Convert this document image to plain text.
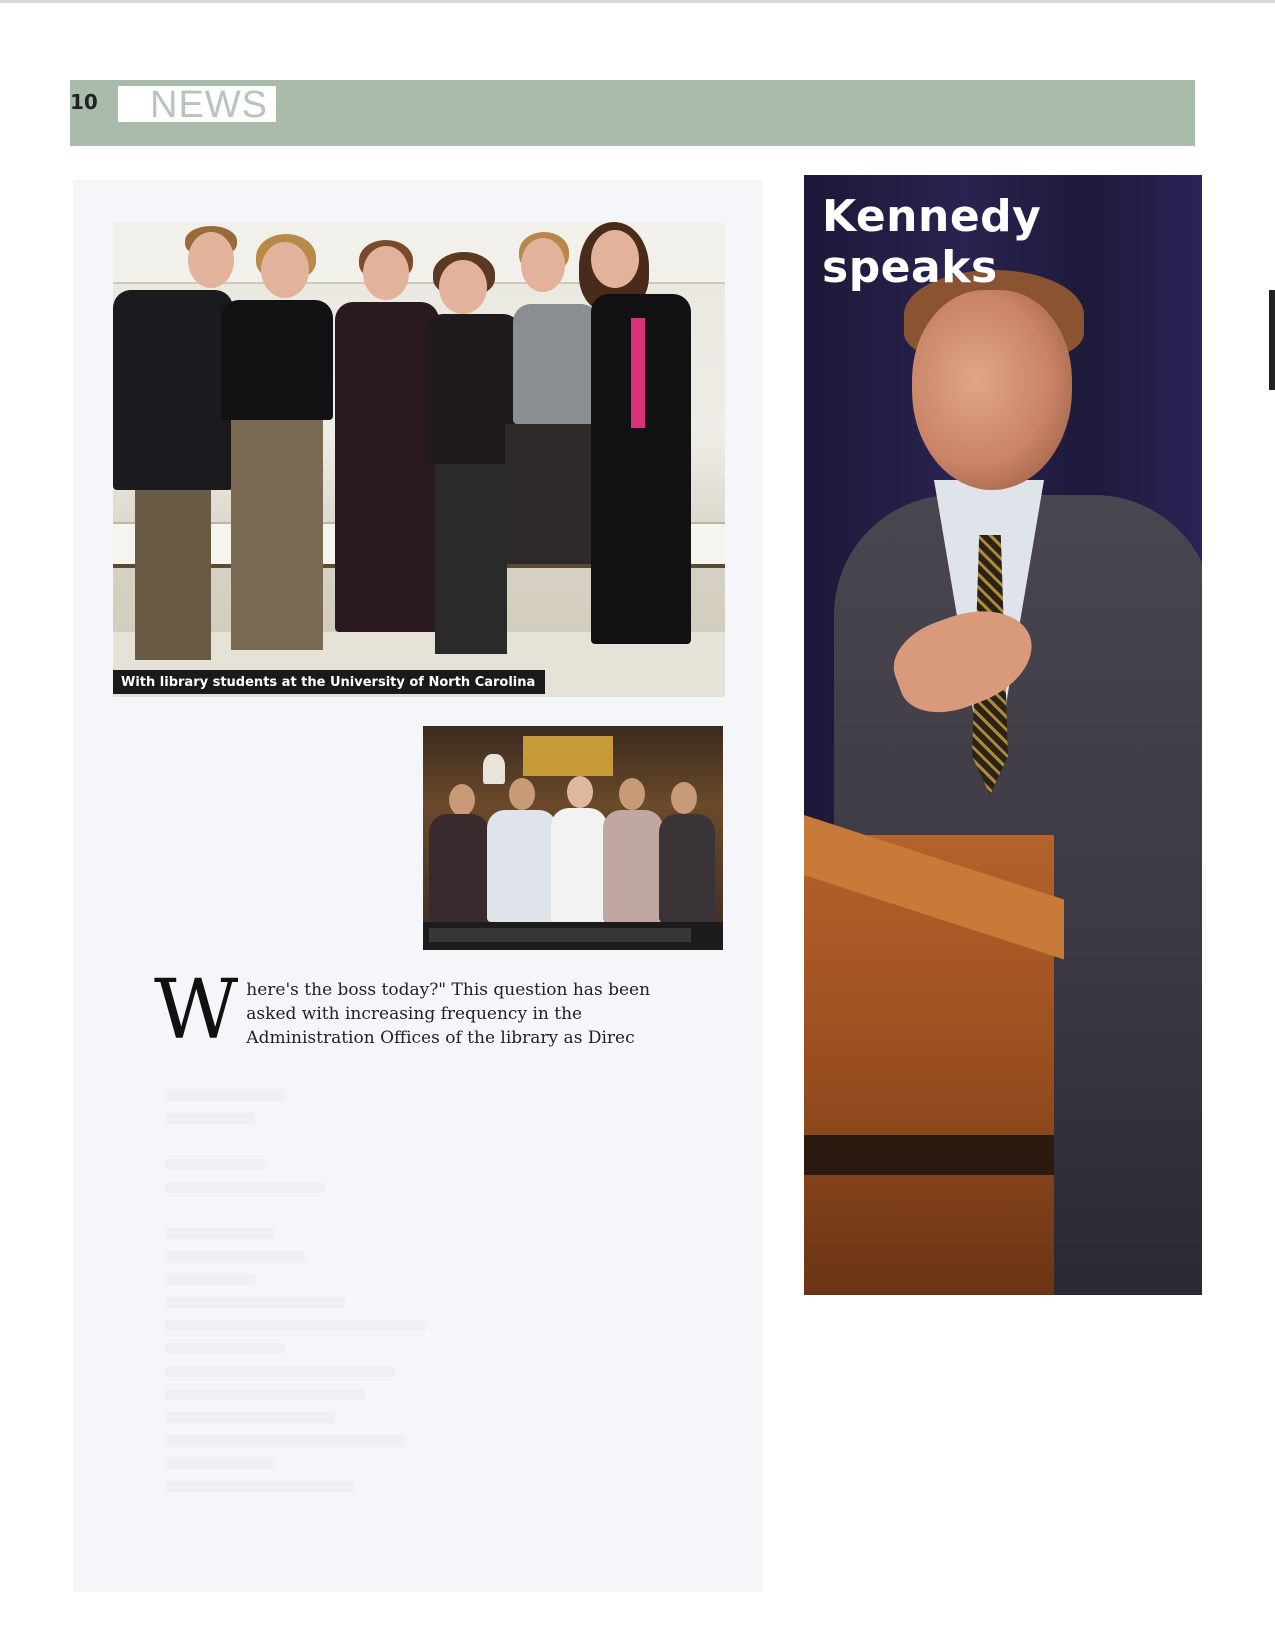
10 NEWS
With library students at the University of North Carolina
Where's the boss today?" This question has been asked with increasing frequency in the Administration Offices of the library as Direc
Kennedy speaks
